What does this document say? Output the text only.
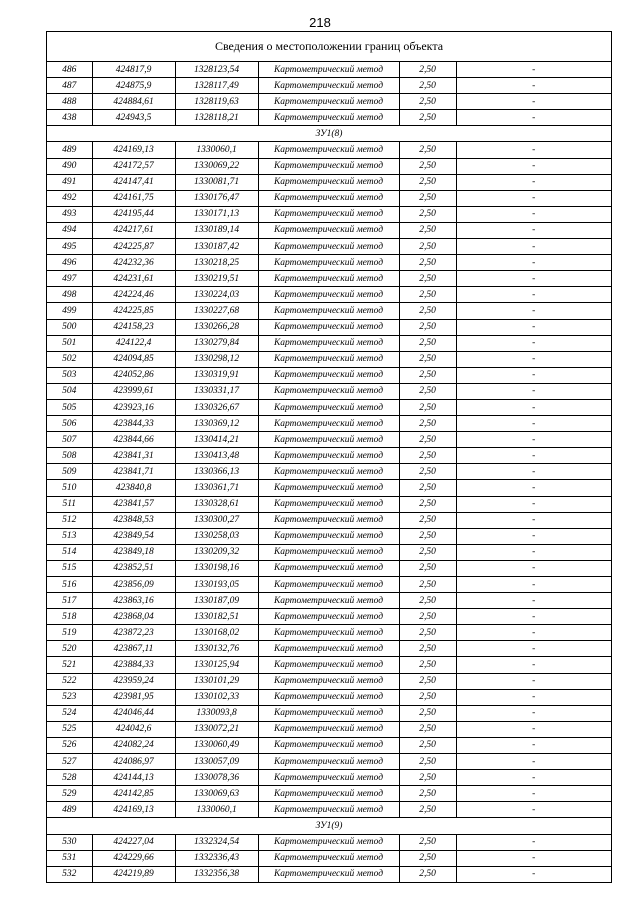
218
Сведения о местоположении границ объекта
486	424817,9	1328123,54	Картометрический метод	2,50	-
487	424875,9	1328117,49	Картометрический метод	2,50	-
488	424884,61	1328119,63	Картометрический метод	2,50	-
438	424943,5	1328118,21	Картометрический метод	2,50	-
ЗУ1(8)					
489	424169,13	1330060,1	Картометрический метод	2,50	-
490	424172,57	1330069,22	Картометрический метод	2,50	-
491	424147,41	1330081,71	Картометрический метод	2,50	-
492	424161,75	1330176,47	Картометрический метод	2,50	-
493	424195,44	1330171,13	Картометрический метод	2,50	-
494	424217,61	1330189,14	Картометрический метод	2,50	-
495	424225,87	1330187,42	Картометрический метод	2,50	-
496	424232,36	1330218,25	Картометрический метод	2,50	-
497	424231,61	1330219,51	Картометрический метод	2,50	-
498	424224,46	1330224,03	Картометрический метод	2,50	-
499	424225,85	1330227,68	Картометрический метод	2,50	-
500	424158,23	1330266,28	Картометрический метод	2,50	-
501	424122,4	1330279,84	Картометрический метод	2,50	-
502	424094,85	1330298,12	Картометрический метод	2,50	-
503	424052,86	1330319,91	Картометрический метод	2,50	-
504	423999,61	1330331,17	Картометрический метод	2,50	-
505	423923,16	1330326,67	Картометрический метод	2,50	-
506	423844,33	1330369,12	Картометрический метод	2,50	-
507	423844,66	1330414,21	Картометрический метод	2,50	-
508	423841,31	1330413,48	Картометрический метод	2,50	-
509	423841,71	1330366,13	Картометрический метод	2,50	-
510	423840,8	1330361,71	Картометрический метод	2,50	-
511	423841,57	1330328,61	Картометрический метод	2,50	-
512	423848,53	1330300,27	Картометрический метод	2,50	-
513	423849,54	1330258,03	Картометрический метод	2,50	-
514	423849,18	1330209,32	Картометрический метод	2,50	-
515	423852,51	1330198,16	Картометрический метод	2,50	-
516	423856,09	1330193,05	Картометрический метод	2,50	-
517	423863,16	1330187,09	Картометрический метод	2,50	-
518	423868,04	1330182,51	Картометрический метод	2,50	-
519	423872,23	1330168,02	Картометрический метод	2,50	-
520	423867,11	1330132,76	Картометрический метод	2,50	-
521	423884,33	1330125,94	Картометрический метод	2,50	-
522	423959,24	1330101,29	Картометрический метод	2,50	-
523	423981,95	1330102,33	Картометрический метод	2,50	-
524	424046,44	1330093,8	Картометрический метод	2,50	-
525	424042,6	1330072,21	Картометрический метод	2,50	-
526	424082,24	1330060,49	Картометрический метод	2,50	-
527	424086,97	1330057,09	Картометрический метод	2,50	-
528	424144,13	1330078,36	Картометрический метод	2,50	-
529	424142,85	1330069,63	Картометрический метод	2,50	-
489	424169,13	1330060,1	Картометрический метод	2,50	-
ЗУ1(9)					
530	424227,04	1332324,54	Картометрический метод	2,50	-
531	424229,66	1332336,43	Картометрический метод	2,50	-
532	424219,89	1332356,38	Картометрический метод	2,50	-
